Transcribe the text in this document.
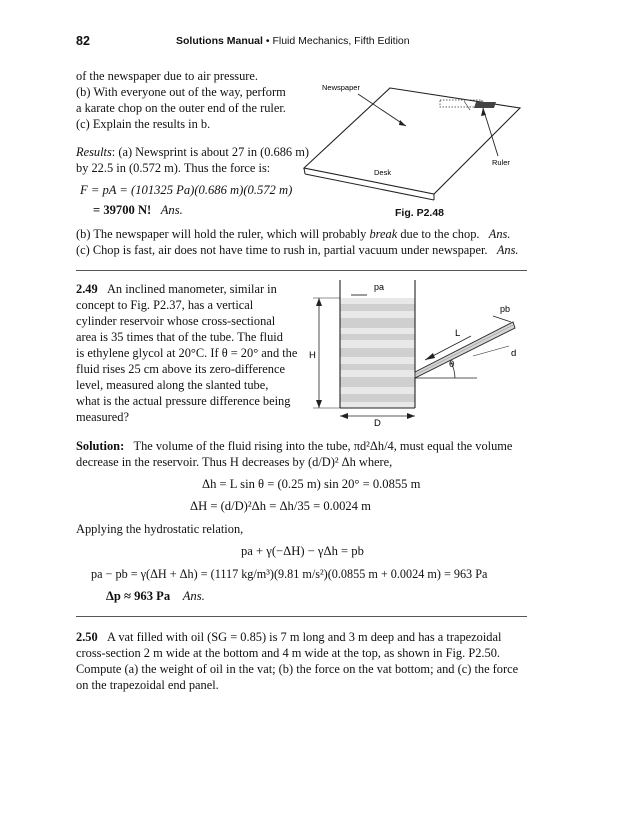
82	Solutions Manual • Fluid Mechanics, Fifth Edition
of the newspaper due to air pressure.
(b) With everyone out of the way, perform
a karate chop on the outer end of the ruler.
(c) Explain the results in b.
Results: (a) Newsprint is about 27 in (0.686 m)
by 22.5 in (0.572 m). Thus the force is:
F = pA = (101325 Pa)(0.686 m)(0.572 m)
= 39700 N! Ans.
Newspaper
Ruler
Desk
Fig. P2.48
(b) The newspaper will hold the ruler, which will probably break due to the chop. Ans.
(c) Chop is fast, air does not have time to rush in, partial vacuum under newspaper. Ans.
2.49 An inclined manometer, similar in
concept to Fig. P2.37, has a vertical
cylinder reservoir whose cross-sectional
area is 35 times that of the tube. The fluid
is ethylene glycol at 20°C. If θ = 20° and the
fluid rises 25 cm above its zero-difference
level, measured along the slanted tube,
what is the actual pressure difference being
measured?
pa
pb
H
L
θ
d
D
Solution: The volume of the fluid rising into the tube, πd²Δh/4, must equal the volume
decrease in the reservoir. Thus H decreases by (d/D)² Δh where,
Δh = L sin θ = (0.25 m) sin 20° = 0.0855 m
ΔH = (d/D)²Δh = Δh/35 = 0.0024 m
Applying the hydrostatic relation,
pa + γ(−ΔH) − γΔh = pb
pa − pb = γ(ΔH + Δh) = (1117 kg/m³)(9.81 m/s²)(0.0855 m + 0.0024 m) = 963 Pa
Δp ≈ 963 Pa Ans.
2.50 A vat filled with oil (SG = 0.85) is 7 m long and 3 m deep and has a trapezoidal
cross-section 2 m wide at the bottom and 4 m wide at the top, as shown in Fig. P2.50.
Compute (a) the weight of oil in the vat; (b) the force on the vat bottom; and (c) the force
on the trapezoidal end panel.
